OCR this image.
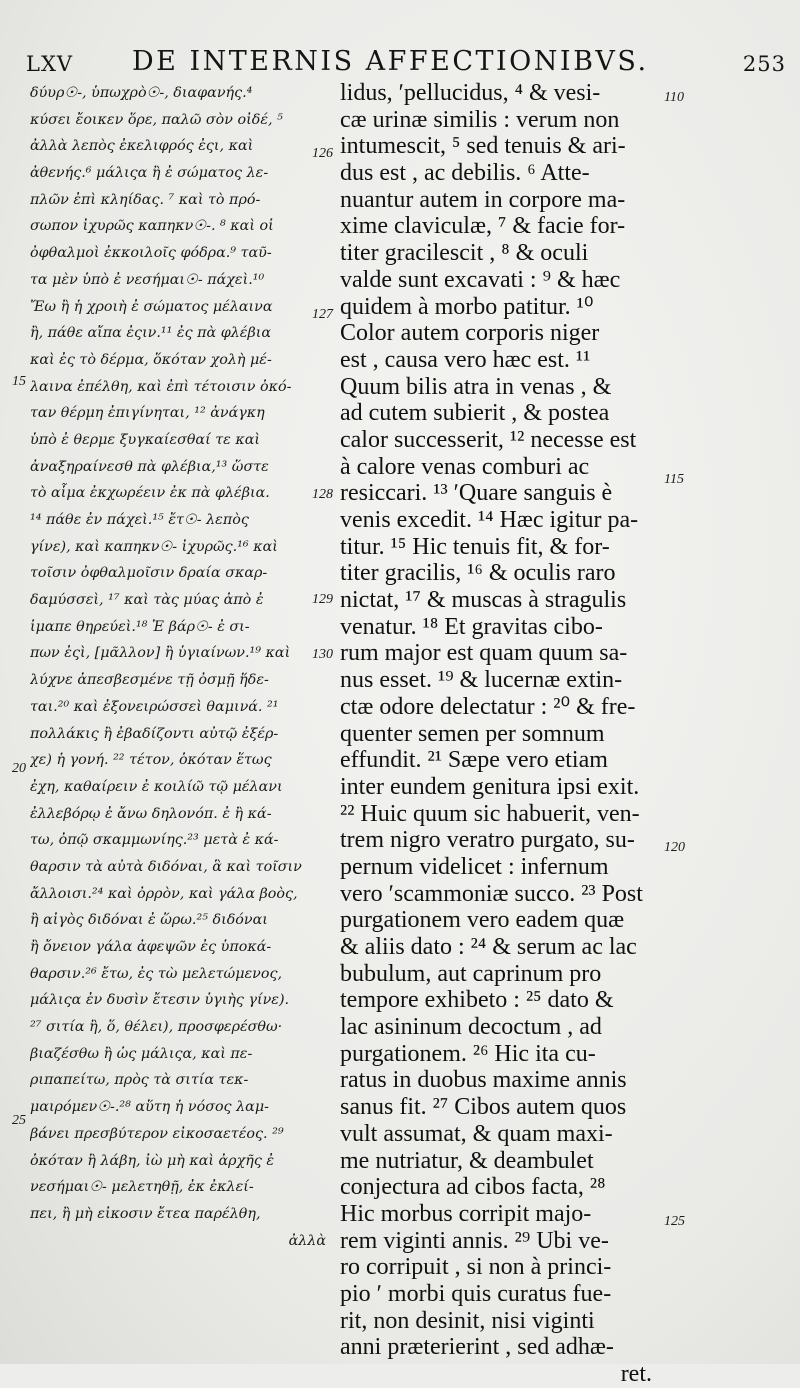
LXV DE INTERNIS AFFECTIONIBVS.	253
δύυρ☉-, ὑπωχρὸ☉-, διαφανής.⁴
κύσει ἔοικεν ὅρε, παλῶ σὸν οἰδέ, ⁵
ἀλλὰ λεπὸς ἐκελιφρός ἐςι, καὶ
ἀθενής.⁶ μάλιςα ἢ ἐ σώματος λε-
πλῶν ἐπὶ κληίδας. ⁷ καὶ τὸ πρό-
σωπον ἰχυρῶς καπηκν☉-. ⁸ καὶ οἱ
ὀφθαλμοὶ ἐκκοιλοῖς φόδρα.⁹ ταῦ-
τα μὲν ὑπὸ ἐ νεσήμαι☉- πάχεὶ.¹⁰
Ἔω ἢ ἡ χροιὴ ἐ σώματος μέλαινα
ἢ, πάθε αἴπα ἐςιν.¹¹ ἐς πὰ φλέβια
καὶ ἐς τὸ δέρμα, ὅκόταν χολὴ μέ-
λαινα ἐπέλθη, καὶ ἐπὶ τέτοισιν ὁκό-
ταν θέρμη ἐπιγίνηται, ¹² ἀνάγκη
ὑπὸ ἐ θερμε ξυγκαίεσθαί τε καὶ
ἀναξηραίνεσθ πὰ φλέβια,¹³ ὥστε
τὸ αἷμα ἐκχωρέειν ἐκ πὰ φλέβια.
¹⁴ πάθε ἐν πάχεὶ.¹⁵ ἔτ☉- λεπὸς
γίνε), καὶ καπηκν☉- ἰχυρῶς.¹⁶ καὶ
τοῖσιν ὀφθαλμοῖσιν δραία σκαρ-
δαμύσσεὶ, ¹⁷ καὶ τὰς μύας ἀπὸ ἐ
ἱμαπε θηρεύεὶ.¹⁸ Ἐ βάρ☉- ἐ σι-
πων ἐςὶ, [μᾶλλον] ἢ ὑγιαίνων.¹⁹ καὶ
λύχνε ἀπεσβεσμένε τῇ ὀσμῇ ἥδε-
ται.²⁰ καὶ ἐξονειρώσσεὶ θαμινά. ²¹
πολλάκις ἢ ἐβαδίζοντι αὐτῷ ἐξέρ-
χε) ἡ γονή. ²² τέτον, ὁκόταν ἕτως
ἐχη, καθαίρειν ἐ κοιλίῶ τῷ μέλανι
ἐλλεβόρῳ ἐ ἄνω δηλονόπ. ἐ ἢ κά-
τω, ὀπῷ σκαμμωνίης.²³ μετὰ ἐ κά-
θαρσιν τὰ αὐτὰ διδόναι, ἃ καὶ τοῖσιν
ἄλλοισι.²⁴ καὶ ὀρρὸν, καὶ γάλα βοὸς,
ἢ αἰγὸς διδόναι ἐ ὥρω.²⁵ διδόναι
ἢ ὄνειον γάλα ἀφεψῶν ἐς ὑποκά-
θαρσιν.²⁶ ἔτω, ἐς τὼ μελετώμενος,
μάλιςα ἐν δυσὶν ἔτεσιν ὑγιὴς γίνε).
²⁷ σιτία ἢ, ὅ, θέλει), προσφερέσθω·
βιαζέσθω ἢ ὡς μάλιςα, καὶ πε-
ριπαπείτω, πρὸς τὰ σιτία τεκ-
μαιρόμεν☉-.²⁸ αὕτη ἡ νόσος λαμ-
βάνει πρεσβύτερον εἰκοσαετέος. ²⁹
ὁκόταν ἢ λάβη, ἰὼ μὴ καὶ ἀρχῆς ἐ
νεσήμαι☉- μελετηθῇ, ἐκ ἐκλεί-
πει, ἢ μὴ εἰκοσιν ἔτεα παρέλθη,
ἀλλὰ
lidus, ʹpellucidus, ⁴ & vesi-
cæ urinæ similis : verum non
intumescit, ⁵ sed tenuis & ari-
dus est , ac debilis. ⁶ Atte-
nuantur autem in corpore ma-
xime claviculæ, ⁷ & facie for-
titer gracilescit , ⁸ & oculi
valde sunt excavati : ⁹ & hæc
quidem à morbo patitur. ¹⁰
Color autem corporis niger
est , causa vero hæc est. ¹¹
Quum bilis atra in venas , &
ad cutem subierit , & postea
calor successerit, ¹² necesse est
à calore venas comburi ac
resiccari. ¹³ ʹQuare sanguis è
venis excedit. ¹⁴ Hæc igitur pa-
titur. ¹⁵ Hic tenuis fit, & for-
titer gracilis, ¹⁶ & oculis raro
nictat, ¹⁷ & muscas à stragulis
venatur. ¹⁸ Et gravitas cibo-
rum major est quam quum sa-
nus esset. ¹⁹ & lucernæ extin-
ctæ odore delectatur : ²⁰ & fre-
quenter semen per somnum
effundit. ²¹ Sæpe vero etiam
inter eundem genitura ipsi exit.
²² Huic quum sic habuerit, ven-
trem nigro veratro purgato, su-
pernum videlicet : infernum
vero ʹscammoniæ succo. ²³ Post
purgationem vero eadem quæ
& aliis dato : ²⁴ & serum ac lac
bubulum, aut caprinum pro
tempore exhibeto : ²⁵ dato &
lac asininum decoctum , ad
purgationem. ²⁶ Hic ita cu-
ratus in duobus maxime annis
sanus fit. ²⁷ Cibos autem quos
vult assumat, & quam maxi-
me nutriatur, & deambulet
conjectura ad cibos facta, ²⁸
Hic morbus corripit majo-
rem viginti annis. ²⁹ Ubi ve-
ro corripuit , si non à princi-
pio ʹ morbi quis curatus fue-
rit, non desinit, nisi viginti
anni præterierint , sed adhæ-
ret.
126
127
128
129
130
15
20
25
110
115
120
125
